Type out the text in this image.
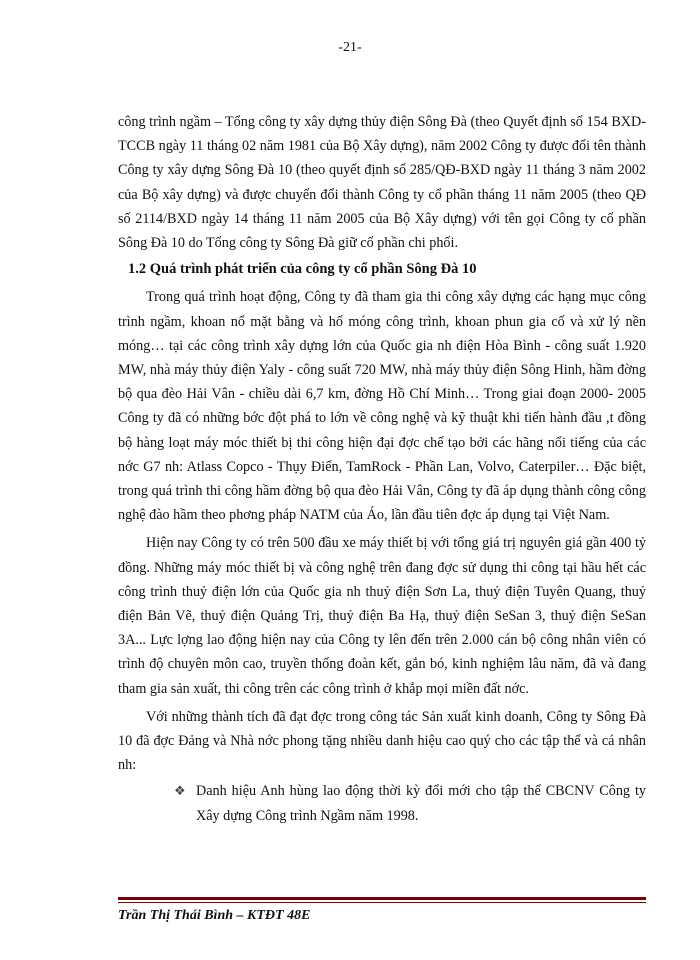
-21-

công trình ngầm – Tổng công ty xây dựng thủy điện Sông Đà (theo Quyết định số 154 BXD-TCCB ngày 11 tháng 02 năm 1981 của Bộ Xây dựng), năm 2002 Công ty được đổi tên thành Công ty xây dựng Sông Đà 10 (theo quyết định số 285/QĐ-BXD ngày 11 tháng 3 năm 2002 của Bộ xây dựng) và được chuyển đổi thành Công ty cổ phần tháng 11 năm 2005 (theo QĐ số 2114/BXD ngày 14 tháng 11 năm 2005 của Bộ Xây dựng) với tên gọi Công ty cổ phần Sông Đà 10 do Tổng công ty Sông Đà giữ cổ phần chi phối.

1.2 Quá trình phát triển của công ty cổ phần Sông Đà 10

Trong quá trình hoạt động, Công ty đã tham gia thi công xây dựng các hạng mục công trình ngầm, khoan nổ mặt bằng và hố móng công trình, khoan phun gia cố và xử lý nền móng… tại các công trình xây dựng lớn của Quốc gia nh điện Hòa Bình - công suất 1.920 MW, nhà máy thủy điện Yaly - công suất 720 MW, nhà máy thủy điện Sông Hinh, hầm đờng bộ qua đèo Hải Vân - chiều dài 6,7 km, đờng Hồ Chí Minh… Trong giai đoạn 2000- 2005 Công ty đã có những bớc đột phá to lớn về công nghệ và kỹ thuật khi tiến hành đầu ,t đồng bộ hàng loạt máy móc thiết bị thi công hiện đại đợc chế tạo bởi các hãng nổi tiếng của các nớc G7 nh: Atlass Copco - Thụy Điển, TamRock - Phần Lan, Volvo, Caterpiler… Đặc biệt, trong quá trình thi công hầm đờng bộ qua đèo Hải Vân, Công ty đã áp dụng thành công công nghệ đào hầm theo phơng pháp NATM của Áo, lần đầu tiên đợc áp dụng tại Việt Nam.

Hiện nay Công ty có trên 500 đầu xe máy thiết bị với tổng giá trị nguyên giá gần 400 tỷ đồng. Những máy móc thiết bị và công nghệ trên đang đợc sử dụng thi công tại hầu hết các công trình thuỷ điện lớn của Quốc gia nh thuỷ điện Sơn La, thuỷ điện Tuyên Quang, thuỷ điện Bản Vẽ, thuỷ điện Quảng Trị, thuỷ điện Ba Hạ, thuỷ điện SeSan 3, thuỷ điện SeSan 3A... Lực lợng lao động hiện nay của Công ty lên đến trên 2.000 cán bộ công nhân viên có trình độ chuyên môn cao, truyền thống đoàn kết, gắn bó, kinh nghiệm lâu năm, đã và đang tham gia sản xuất, thi công trên các công trình ở khắp mọi miền đất nớc.

Với những thành tích đã đạt đợc trong công tác Sản xuất kinh doanh, Công ty Sông Đà 10 đã đợc Đảng và Nhà nớc phong tặng nhiều danh hiệu cao quý cho các tập thể và cá nhân nh:

❖ Danh hiệu Anh hùng lao động thời kỳ đổi mới cho tập thể CBCNV Công ty Xây dựng Công trình Ngầm năm 1998.
Trần Thị Thái Bình – KTĐT 48E
